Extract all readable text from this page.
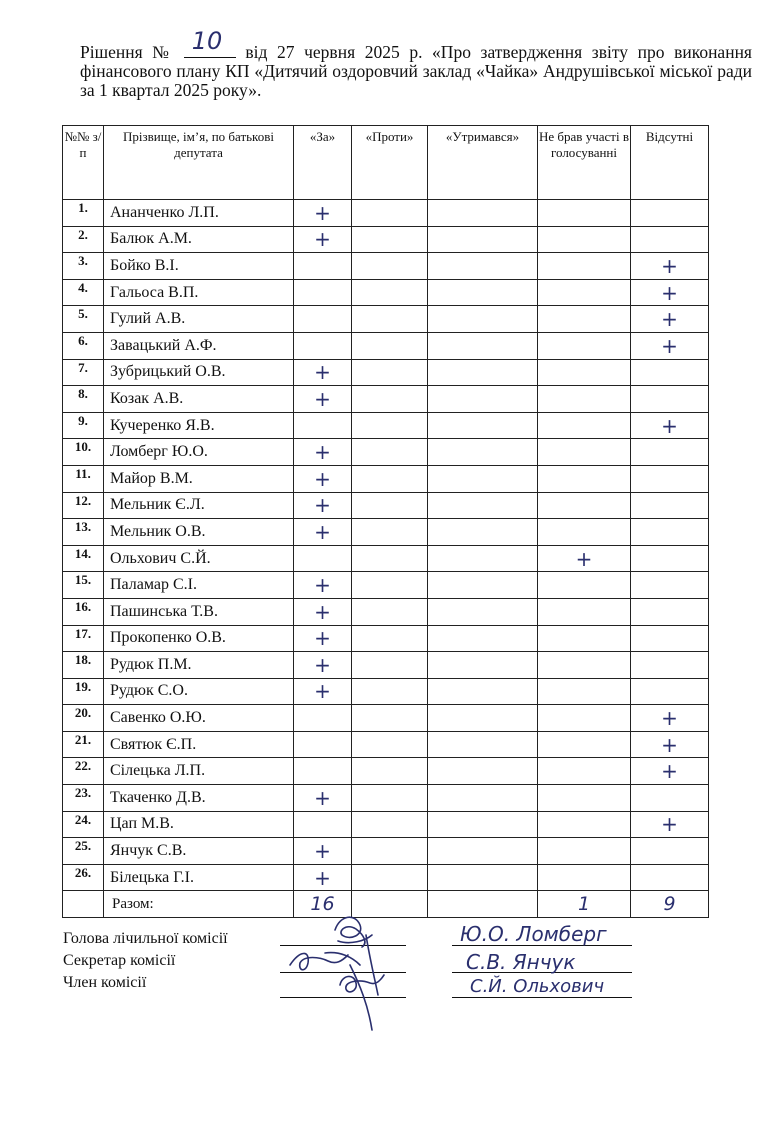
Рішення № 10 від 27 червня 2025 р. «Про затвердження звіту про виконання фінансового плану КП «Дитячий оздоровчий заклад «Чайка» Андрушівської міської ради за 1 квартал 2025 року».
№№ з/п	Прізвище, ім’я, по батькові депутата	«За»	«Проти»	«Утримався»	Не брав участі в голосуванні	Відсутні
1.	Ананченко Л.П.	+				
2.	Балюк А.М.	+				
3.	Бойко В.І.					+
4.	Гальоса В.П.					+
5.	Гулий А.В.					+
6.	Завацький А.Ф.					+
7.	Зубрицький О.В.	+				
8.	Козак А.В.	+				
9.	Кучеренко Я.В.					+
10.	Ломберг Ю.О.	+				
11.	Майор В.М.	+				
12.	Мельник Є.Л.	+				
13.	Мельник О.В.	+				
14.	Ольхович С.Й.				+	
15.	Паламар С.І.	+				
16.	Пашинська Т.В.	+				
17.	Прокопенко О.В.	+				
18.	Рудюк П.М.	+				
19.	Рудюк С.О.	+				
20.	Савенко О.Ю.					+
21.	Святюк Є.П.					+
22.	Сілецька Л.П.					+
23.	Ткаченко Д.В.	+				
24.	Цап М.В.					+
25.	Янчук С.В.	+				
26.	Білецька Г.І.	+				
	Разом:	16			1	9
Голова лічильної комісії
Секретар комісії
Член комісії
Ю.О. Ломберг
С.В. Янчук
С.Й. Ольхович
